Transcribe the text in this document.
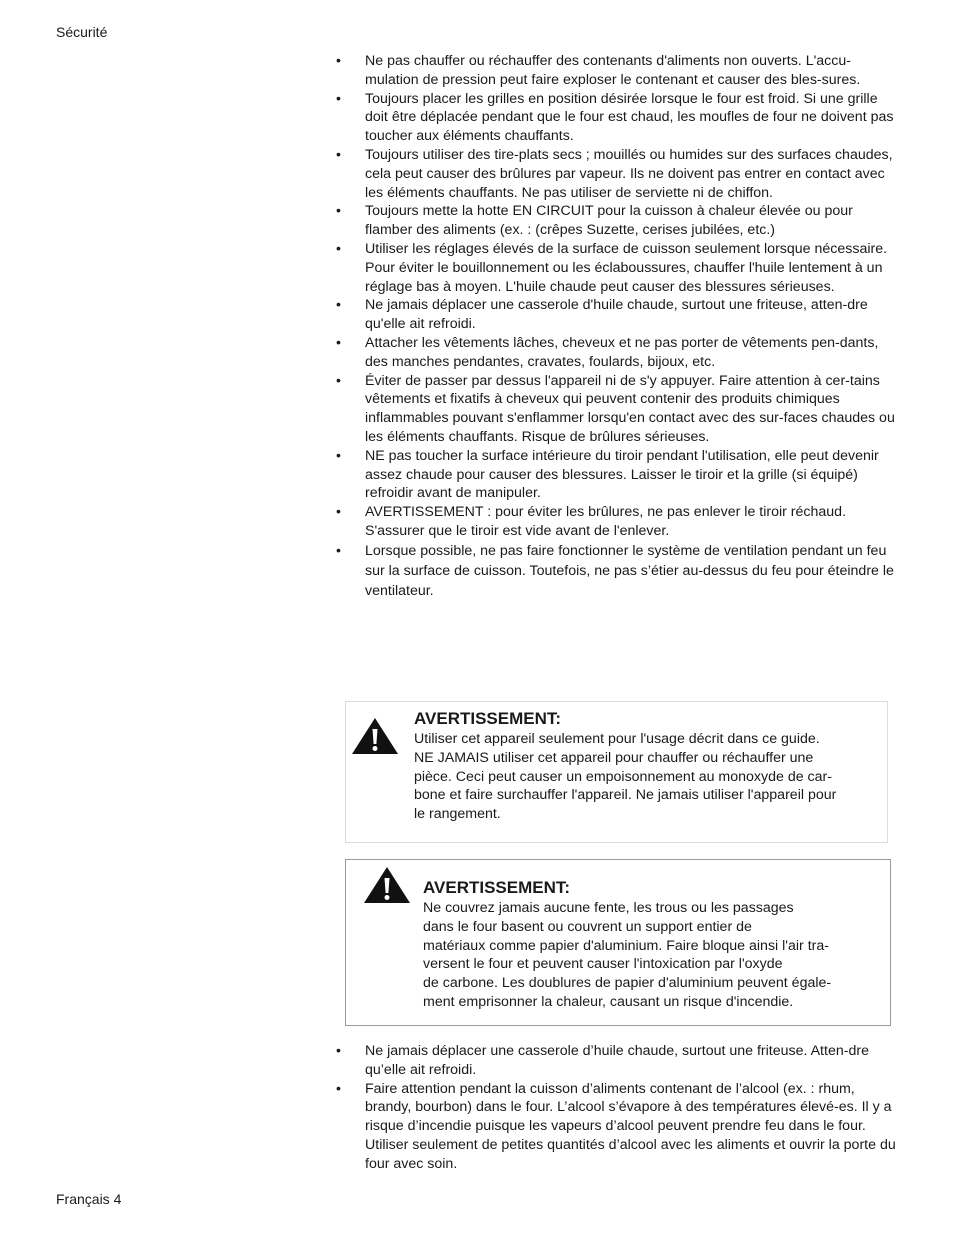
Sécurité
• Ne pas chauffer ou réchauffer des contenants d'aliments non ouverts. L'accu-mulation de pression peut faire exploser le contenant et causer des bles-sures.
• Toujours placer les grilles en position désirée lorsque le four est froid. Si une grille doit être déplacée pendant que le four est chaud, les moufles de four ne doivent pas toucher aux éléments chauffants.
• Toujours utiliser des tire-plats secs ; mouillés ou humides sur des surfaces chaudes, cela peut causer des brûlures par vapeur. Ils ne doivent pas entrer en contact avec les éléments chauffants. Ne pas utiliser de serviette ni de chiffon.
• Toujours mette la hotte EN CIRCUIT pour la cuisson à chaleur élevée ou pour flamber des aliments (ex. : (crêpes Suzette, cerises jubilées, etc.)
• Utiliser les réglages élevés de la surface de cuisson seulement lorsque nécessaire. Pour éviter le bouillonnement ou les éclaboussures, chauffer l'huile lentement à un réglage bas à moyen. L'huile chaude peut causer des blessures sérieuses.
• Ne jamais déplacer une casserole d'huile chaude, surtout une friteuse, atten-dre qu'elle ait refroidi.
• Attacher les vêtements lâches, cheveux et ne pas porter de vêtements pen-dants, des manches pendantes, cravates, foulards, bijoux, etc.
• Éviter de passer par dessus l'appareil ni de s'y appuyer. Faire attention à cer-tains vêtements et fixatifs à cheveux qui peuvent contenir des produits chimiques inflammables pouvant s'enflammer lorsqu'en contact avec des sur-faces chaudes ou les éléments chauffants. Risque de brûlures sérieuses.
• NE pas toucher la surface intérieure du tiroir pendant l'utilisation, elle peut devenir assez chaude pour causer des blessures. Laisser le tiroir et la grille (si équipé) refroidir avant de manipuler.
• AVERTISSEMENT : pour éviter les brûlures, ne pas enlever le tiroir réchaud. S'assurer que le tiroir est vide avant de l'enlever.
• Lorsque possible, ne pas faire fonctionner le système de ventilation pendant un feu sur la surface de cuisson. Toutefois, ne pas s’étier au-dessus du feu pour éteindre le ventilateur.
AVERTISSEMENT:
Utiliser cet appareil seulement pour l'usage décrit dans ce guide.
NE JAMAIS utiliser cet appareil pour chauffer ou réchauffer une
pièce. Ceci peut causer un empoisonnement au monoxyde de car-
bone et faire surchauffer l'appareil. Ne jamais utiliser l'appareil pour
le rangement.
AVERTISSEMENT:
Ne couvrez jamais aucune fente, les trous ou les passages
dans le four basent ou couvrent un support entier de
matériaux comme papier d'aluminium. Faire bloque ainsi l'air tra-
versent le four et peuvent causer l'intoxication par l'oxyde
de carbone. Les doublures de papier d'aluminium peuvent égale-
ment emprisonner la chaleur, causant un risque d'incendie.
• Ne jamais déplacer une casserole d’huile chaude, surtout une friteuse. Atten-dre qu’elle ait refroidi.
• Faire attention pendant la cuisson d’aliments contenant de l’alcool (ex. : rhum, brandy, bourbon) dans le four. L’alcool s’évapore à des températures élevé-es. Il y a risque d’incendie puisque les vapeurs d’alcool peuvent prendre feu dans le four. Utiliser seulement de petites quantités d’alcool avec les aliments et ouvrir la porte du four avec soin.
Français 4
